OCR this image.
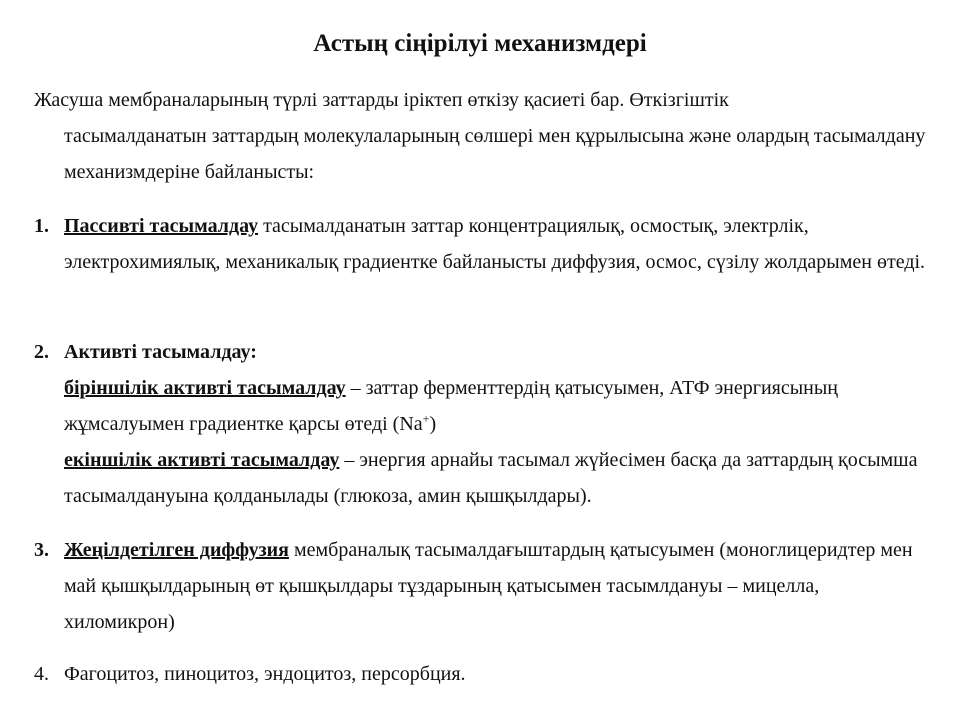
Астың сіңірілуі механизмдері
Жасуша мембраналарының түрлі заттарды іріктеп өткізу қасиеті бар. Өткізгіштік
тасымалданатын заттардың молекулаларының сөлшері мен құрылысына және олардың тасымалдану механизмдеріне байланысты:
1. Пассивті тасымалдау тасымалданатын заттар концентрациялық, осмостық, электрлік, электрохимиялық, механикалық градиентке байланысты диффузия, осмос, сүзілу жолдарымен өтеді.
2. Активті тасымалдау:
біріншілік активті тасымалдау – заттар ферменттердің қатысуымен, АТФ энергиясының жұмсалуымен градиентке қарсы өтеді (Na+)
екіншілік активті тасымалдау – энергия арнайы тасымал жүйесімен басқа да заттардың қосымша тасымалдануына қолданылады (глюкоза, амин қышқылдары).
3. Жеңілдетілген диффузия мембраналық тасымалдағыштардың қатысуымен (моноглицеридтер мен май қышқылдарының өт қышқылдары тұздарының қатысымен тасымлдануы – мицелла, хиломикрон)
4. Фагоцитоз, пиноцитоз, эндоцитоз, персорбция.
